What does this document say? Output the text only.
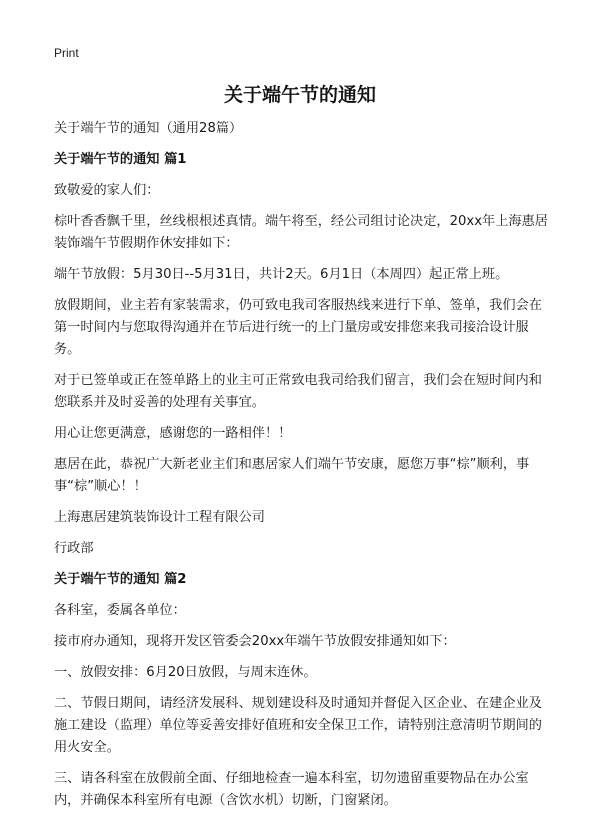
Print
关于端午节的通知

关于端午节的通知（通用28篇）

关于端午节的通知 篇1

致敬爱的家人们：

棕叶香香飘千里，丝线根根述真情。端午将至，经公司组讨论决定，20xx年上海惠居装饰端午节假期作休安排如下：

端午节放假：5月30日--5月31日，共计2天。6月1日（本周四）起正常上班。

放假期间，业主若有家装需求，仍可致电我司客服热线来进行下单、签单，我们会在第一时间内与您取得沟通并在节后进行统一的上门量房或安排您来我司接洽设计服务。

对于已签单或正在签单路上的业主可正常致电我司给我们留言，我们会在短时间内和您联系并及时妥善的处理有关事宜。

用心让您更满意，感谢您的一路相伴！！

惠居在此，恭祝广大新老业主们和惠居家人们端午节安康，愿您万事“棕”顺利，事事“棕”顺心！！

上海惠居建筑装饰设计工程有限公司

行政部

关于端午节的通知 篇2

各科室，委属各单位：

接市府办通知，现将开发区管委会20xx年端午节放假安排通知如下：

一、放假安排：6月20日放假，与周末连休。

二、节假日期间，请经济发展科、规划建设科及时通知并督促入区企业、在建企业及施工建设（监理）单位等妥善安排好值班和安全保卫工作，请特别注意清明节期间的用火安全。

三、请各科室在放假前全面、仔细地检查一遍本科室，切勿遗留重要物品在办公室内，并确保本科室所有电源（含饮水机）切断，门窗紧闭。
